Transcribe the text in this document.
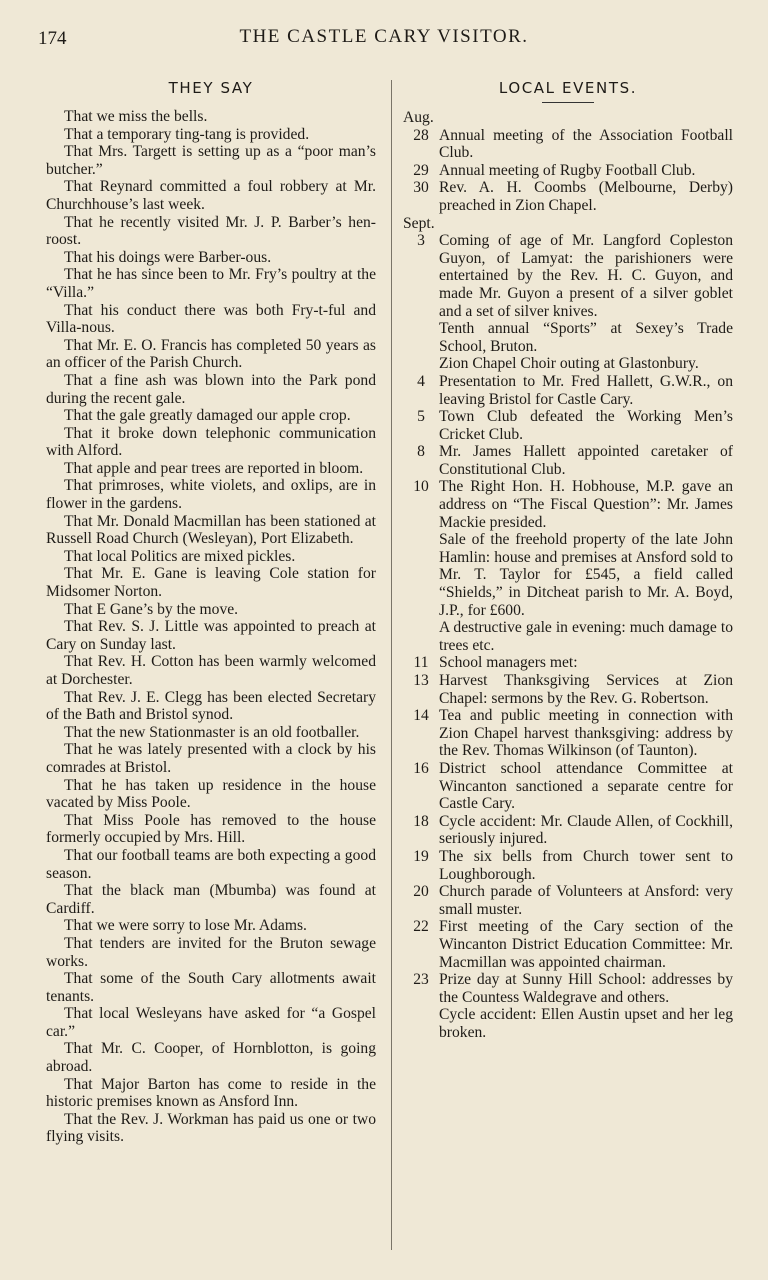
174	THE CASTLE CARY VISITOR.
THEY SAY

That we miss the bells.

That a temporary ting-tang is provided.

That Mrs. Targett is setting up as a “poor man’s butcher.”

That Reynard committed a foul robbery at Mr. Churchhouse’s last week.

That he recently visited Mr. J. P. Barber’s hen-roost.

That his doings were Barber-ous.

That he has since been to Mr. Fry’s poultry at the “Villa.”

That his conduct there was both Fry-t-ful and Villa-nous.

That Mr. E. O. Francis has completed 50 years as an officer of the Parish Church.

That a fine ash was blown into the Park pond during the recent gale.

That the gale greatly damaged our apple crop.

That it broke down telephonic communication with Alford.

That apple and pear trees are reported in bloom.

That primroses, white violets, and oxlips, are in flower in the gardens.

That Mr. Donald Macmillan has been stationed at Russell Road Church (Wesleyan), Port Elizabeth.

That local Politics are mixed pickles.

That Mr. E. Gane is leaving Cole station for Midsomer Norton.

That E Gane’s by the move.

That Rev. S. J. Little was appointed to preach at Cary on Sunday last.

That Rev. H. Cotton has been warmly welcomed at Dorchester.

That Rev. J. E. Clegg has been elected Secretary of the Bath and Bristol synod.

That the new Stationmaster is an old footballer.

That he was lately presented with a clock by his comrades at Bristol.

That he has taken up residence in the house vacated by Miss Poole.

That Miss Poole has removed to the house formerly occupied by Mrs. Hill.

That our football teams are both expecting a good season.

That the black man (Mbumba) was found at Cardiff.

That we were sorry to lose Mr. Adams.

That tenders are invited for the Bruton sewage works.

That some of the South Cary allotments await tenants.

That local Wesleyans have asked for “a Gospel car.”

That Mr. C. Cooper, of Hornblotton, is going abroad.

That Major Barton has come to reside in the historic premises known as Ansford Inn.

That the Rev. J. Workman has paid us one or two flying visits.

LOCAL EVENTS.
Aug.
28 Annual meeting of the Association Football Club.

29 Annual meeting of Rugby Football Club.

30 Rev. A. H. Coombs (Melbourne, Derby) preached in Zion Chapel.

Sept.
3 Coming of age of Mr. Langford Copleston Guyon, of Lamyat: the parishioners were entertained by the Rev. H. C. Guyon, and made Mr. Guyon a present of a silver goblet and a set of silver knives.

Tenth annual “Sports” at Sexey’s Trade School, Bruton.

Zion Chapel Choir outing at Glastonbury.

4 Presentation to Mr. Fred Hallett, G.W.R., on leaving Bristol for Castle Cary.

5 Town Club defeated the Working Men’s Cricket Club.

8 Mr. James Hallett appointed caretaker of Constitutional Club.

10 The Right Hon. H. Hobhouse, M.P. gave an address on “The Fiscal Question”: Mr. James Mackie presided.

Sale of the freehold property of the late John Hamlin: house and premises at Ansford sold to Mr. T. Taylor for £545, a field called “Shields,” in Ditcheat parish to Mr. A. Boyd, J.P., for £600.

A destructive gale in evening: much damage to trees etc.

11 School managers met:

13 Harvest Thanksgiving Services at Zion Chapel: sermons by the Rev. G. Robertson.

14 Tea and public meeting in connection with Zion Chapel harvest thanksgiving: address by the Rev. Thomas Wilkinson (of Taunton).

16 District school attendance Committee at Wincanton sanctioned a separate centre for Castle Cary.

18 Cycle accident: Mr. Claude Allen, of Cockhill, seriously injured.

19 The six bells from Church tower sent to Loughborough.

20 Church parade of Volunteers at Ansford: very small muster.

22 First meeting of the Cary section of the Wincanton District Education Committee: Mr. Macmillan was appointed chairman.

23 Prize day at Sunny Hill School: addresses by the Countess Waldegrave and others.

Cycle accident: Ellen Austin upset and her leg broken.
